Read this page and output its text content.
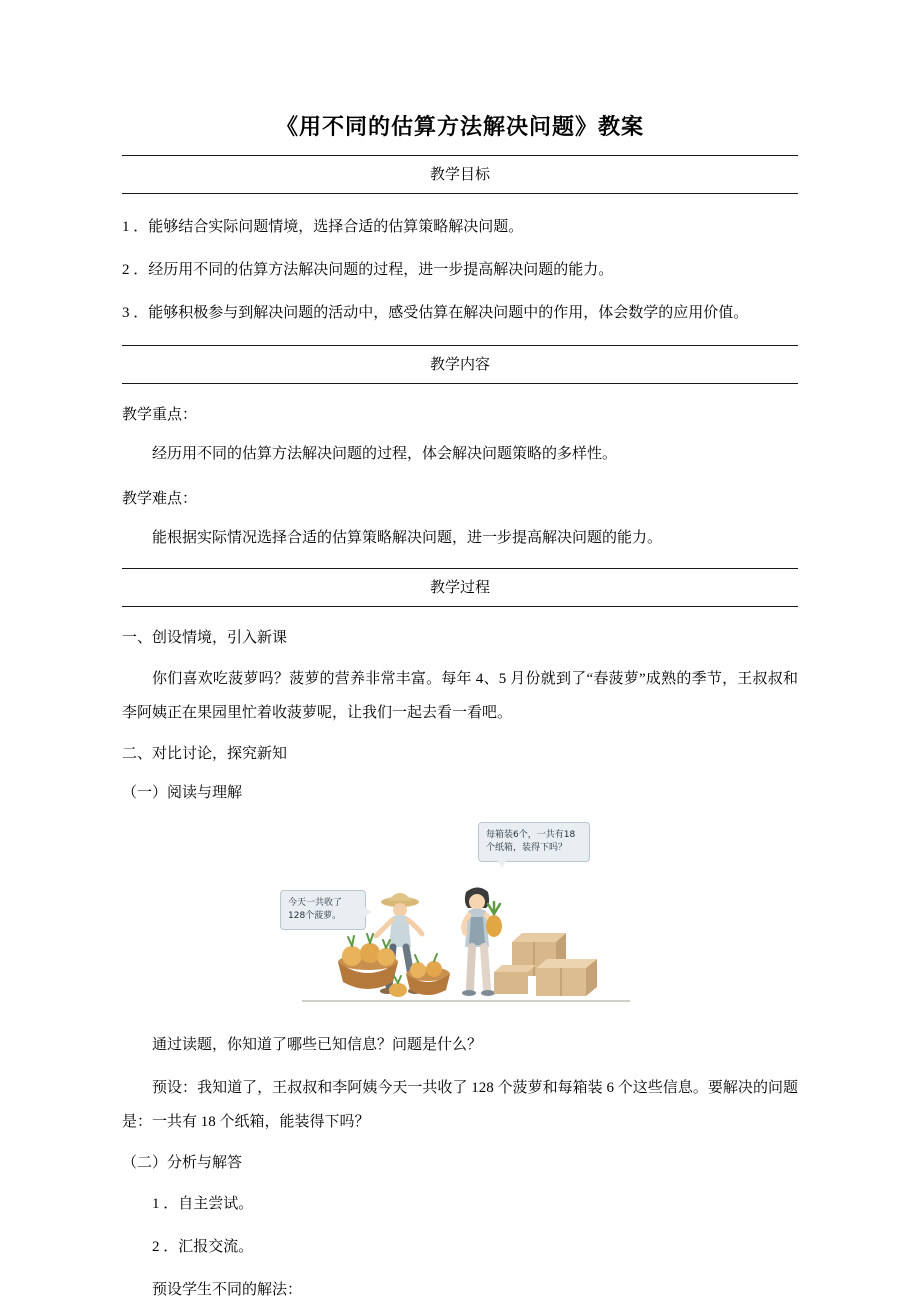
《用不同的估算方法解决问题》教案
教学目标
1 ．能够结合实际问题情境，选择合适的估算策略解决问题。
2 ．经历用不同的估算方法解决问题的过程，进一步提高解决问题的能力。
3 ．能够积极参与到解决问题的活动中，感受估算在解决问题中的作用，体会数学的应用价值。
教学内容
教学重点：
经历用不同的估算方法解决问题的过程，体会解决问题策略的多样性。
教学难点：
能根据实际情况选择合适的估算策略解决问题，进一步提高解决问题的能力。
教学过程
一、创设情境，引入新课
你们喜欢吃菠萝吗？菠萝的营养非常丰富。每年 4、5 月份就到了“春菠萝”成熟的季节，王叔叔和李阿姨正在果园里忙着收菠萝呢，让我们一起去看一看吧。
二、对比讨论，探究新知
（一）阅读与理解
今天一共收了128个菠萝。
每箱装6个，一共有18个纸箱，装得下吗？
通过读题，你知道了哪些已知信息？问题是什么？
预设：我知道了，王叔叔和李阿姨今天一共收了 128 个菠萝和每箱装 6 个这些信息。要解决的问题是：一共有 18 个纸箱，能装得下吗？
（二）分析与解答
1 ．自主尝试。
2 ．汇报交流。
预设学生不同的解法：
